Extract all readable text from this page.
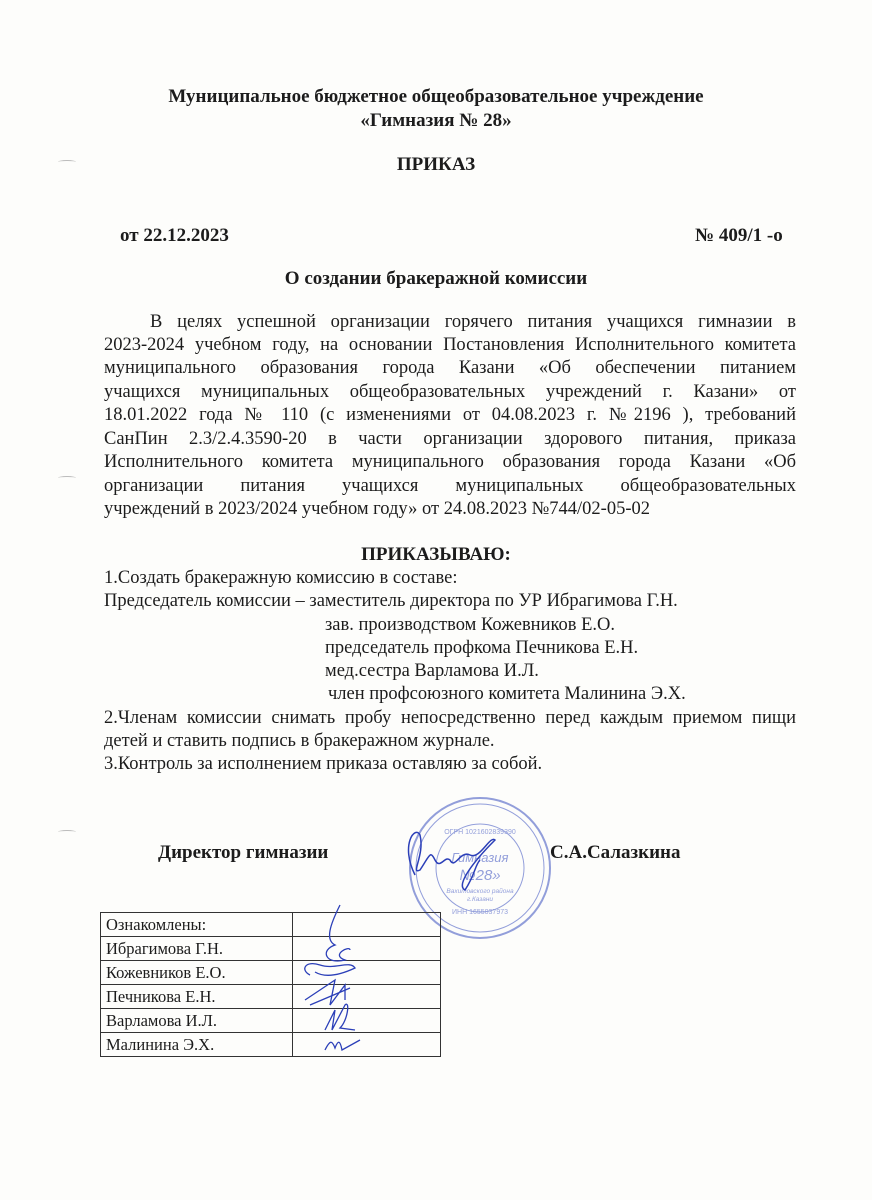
Муниципальное бюджетное общеобразовательное учреждение
«Гимназия № 28»
ПРИКАЗ
от 22.12.2023	№ 409/1 -о
О создании бракеражной комиссии
В целях успешной организации горячего питания учащихся гимназии в
2023-2024 учебном году, на основании Постановления Исполнительного комитета
муниципального образования города Казани «Об обеспечении питанием
учащихся муниципальных общеобразовательных учреждений г. Казани» от
18.01.2022 года № 110 (с изменениями от 04.08.2023 г. №2196 ), требований
СанПин 2.3/2.4.3590-20 в части организации здорового питания, приказа
Исполнительного комитета муниципального образования города Казани «Об
организации питания учащихся муниципальных общеобразовательных
учреждений в 2023/2024 учебном году» от 24.08.2023 №744/02-05-02
ПРИКАЗЫВАЮ:
1.Создать бракеражную комиссию в составе:
Председатель комиссии – заместитель директора по УР Ибрагимова Г.Н.
зав. производством Кожевников Е.О.
председатель профкома Печникова Е.Н.
мед.сестра Варламова И.Л.
член профсоюзного комитета Малинина Э.Х.
2.Членам комиссии снимать пробу непосредственно перед каждым приемом пищи
детей и ставить подпись в бракеражном журнале.
3.Контроль за исполнением приказа оставляю за собой.
Директор гимназии	С.А.Салазкина
Гимназия
№28»
Вахитовского района
г.Казани
ОГРН 1021602839390
ИНН 1655037973
Ознакомлены:	
Ибрагимова Г.Н.	
Кожевников Е.О.	
Печникова Е.Н.	
Варламова И.Л.	
Малинина Э.Х.	
